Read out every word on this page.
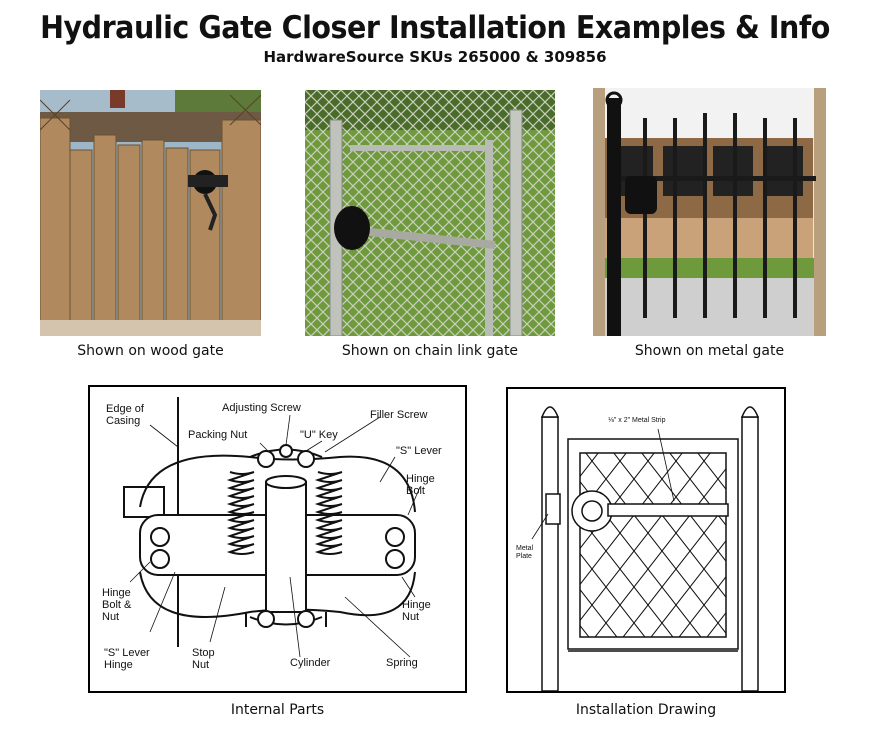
Hydraulic Gate Closer Installation Examples & Info
HardwareSource SKUs 265000 & 309856
Shown on wood gate	Shown on chain link gate	Shown on metal gate
Edge of Casing
Adjusting Screw
Filler Screw
Packing Nut	"U" Key
"S" Lever
Hinge Bolt
Hinge Bolt & Nut
"S" Lever Hinge
Stop Nut	Cylinder	Spring
Hinge Nut
Internal Parts
⅛" x 2" Metal Strip
Metal Plate
Installation Drawing
